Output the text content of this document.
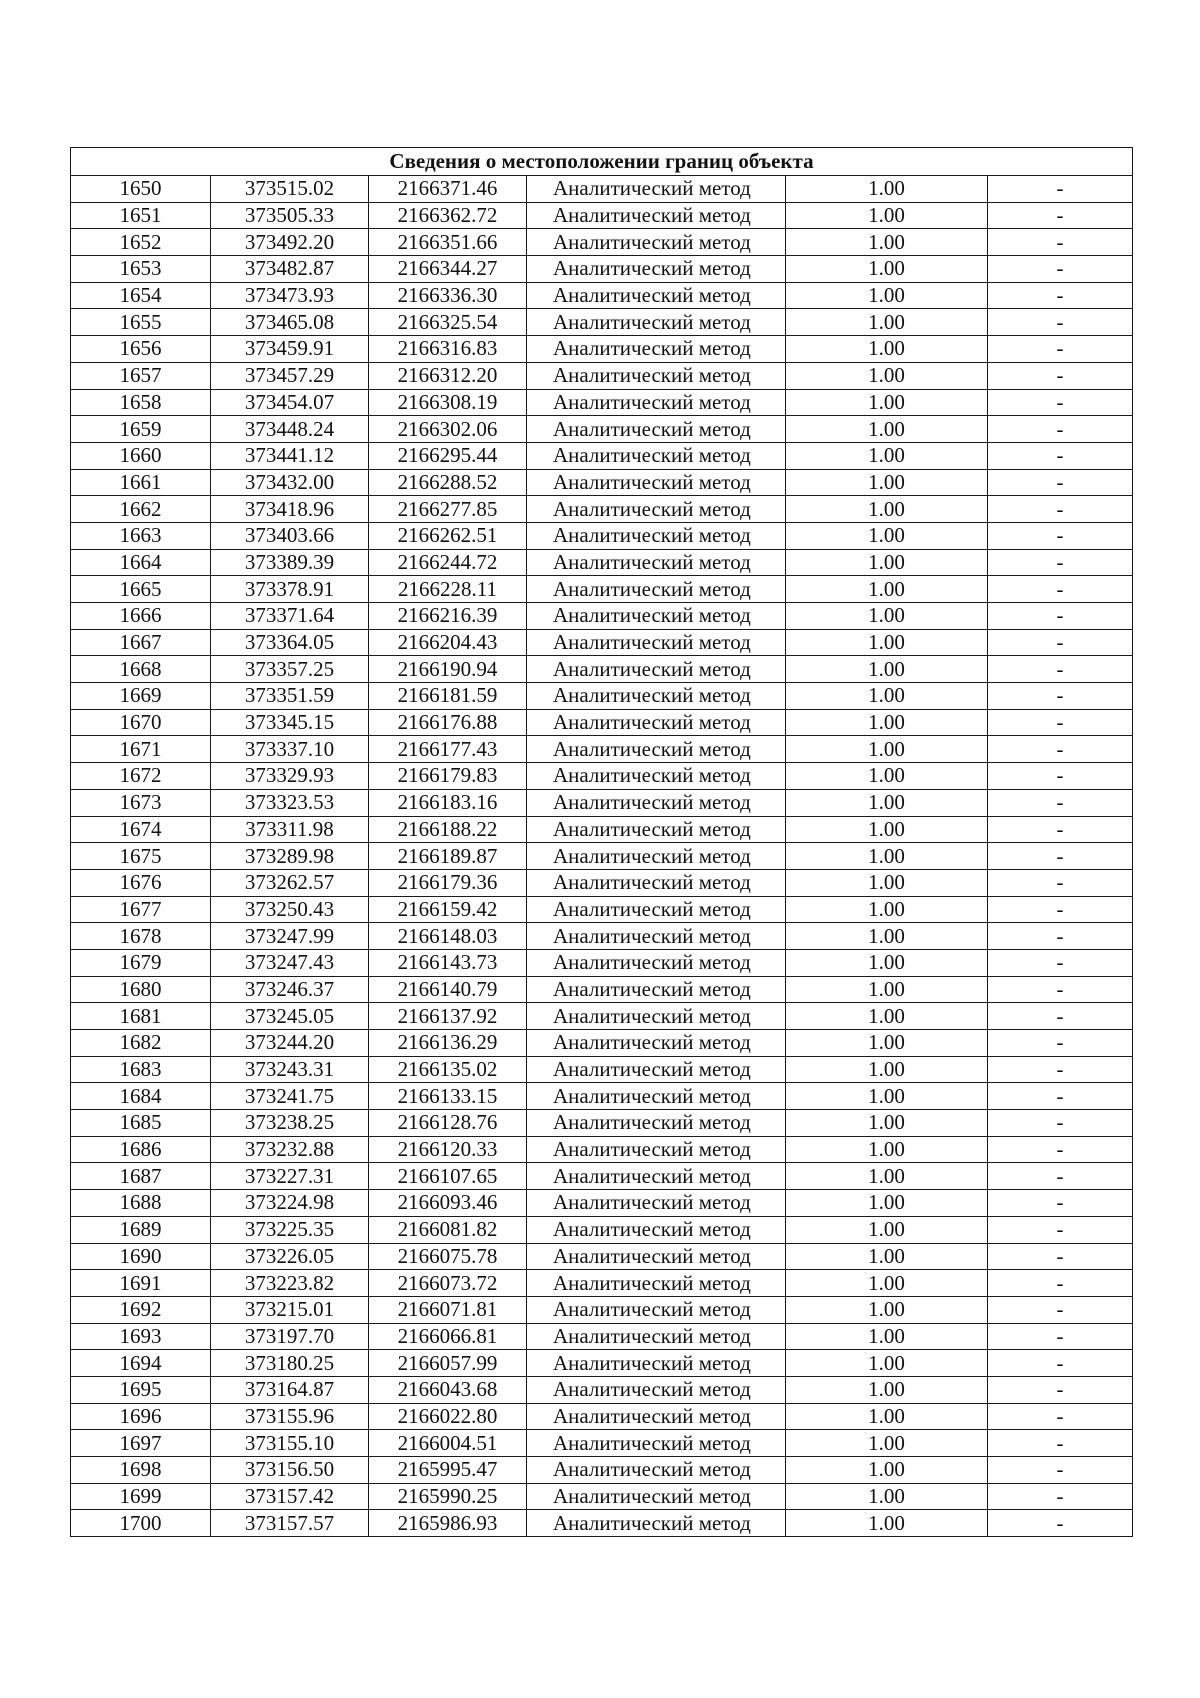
Сведения о местоположении границ объекта					
1650	373515.02	2166371.46	Аналитический метод	1.00	-
1651	373505.33	2166362.72	Аналитический метод	1.00	-
1652	373492.20	2166351.66	Аналитический метод	1.00	-
1653	373482.87	2166344.27	Аналитический метод	1.00	-
1654	373473.93	2166336.30	Аналитический метод	1.00	-
1655	373465.08	2166325.54	Аналитический метод	1.00	-
1656	373459.91	2166316.83	Аналитический метод	1.00	-
1657	373457.29	2166312.20	Аналитический метод	1.00	-
1658	373454.07	2166308.19	Аналитический метод	1.00	-
1659	373448.24	2166302.06	Аналитический метод	1.00	-
1660	373441.12	2166295.44	Аналитический метод	1.00	-
1661	373432.00	2166288.52	Аналитический метод	1.00	-
1662	373418.96	2166277.85	Аналитический метод	1.00	-
1663	373403.66	2166262.51	Аналитический метод	1.00	-
1664	373389.39	2166244.72	Аналитический метод	1.00	-
1665	373378.91	2166228.11	Аналитический метод	1.00	-
1666	373371.64	2166216.39	Аналитический метод	1.00	-
1667	373364.05	2166204.43	Аналитический метод	1.00	-
1668	373357.25	2166190.94	Аналитический метод	1.00	-
1669	373351.59	2166181.59	Аналитический метод	1.00	-
1670	373345.15	2166176.88	Аналитический метод	1.00	-
1671	373337.10	2166177.43	Аналитический метод	1.00	-
1672	373329.93	2166179.83	Аналитический метод	1.00	-
1673	373323.53	2166183.16	Аналитический метод	1.00	-
1674	373311.98	2166188.22	Аналитический метод	1.00	-
1675	373289.98	2166189.87	Аналитический метод	1.00	-
1676	373262.57	2166179.36	Аналитический метод	1.00	-
1677	373250.43	2166159.42	Аналитический метод	1.00	-
1678	373247.99	2166148.03	Аналитический метод	1.00	-
1679	373247.43	2166143.73	Аналитический метод	1.00	-
1680	373246.37	2166140.79	Аналитический метод	1.00	-
1681	373245.05	2166137.92	Аналитический метод	1.00	-
1682	373244.20	2166136.29	Аналитический метод	1.00	-
1683	373243.31	2166135.02	Аналитический метод	1.00	-
1684	373241.75	2166133.15	Аналитический метод	1.00	-
1685	373238.25	2166128.76	Аналитический метод	1.00	-
1686	373232.88	2166120.33	Аналитический метод	1.00	-
1687	373227.31	2166107.65	Аналитический метод	1.00	-
1688	373224.98	2166093.46	Аналитический метод	1.00	-
1689	373225.35	2166081.82	Аналитический метод	1.00	-
1690	373226.05	2166075.78	Аналитический метод	1.00	-
1691	373223.82	2166073.72	Аналитический метод	1.00	-
1692	373215.01	2166071.81	Аналитический метод	1.00	-
1693	373197.70	2166066.81	Аналитический метод	1.00	-
1694	373180.25	2166057.99	Аналитический метод	1.00	-
1695	373164.87	2166043.68	Аналитический метод	1.00	-
1696	373155.96	2166022.80	Аналитический метод	1.00	-
1697	373155.10	2166004.51	Аналитический метод	1.00	-
1698	373156.50	2165995.47	Аналитический метод	1.00	-
1699	373157.42	2165990.25	Аналитический метод	1.00	-
1700	373157.57	2165986.93	Аналитический метод	1.00	-
